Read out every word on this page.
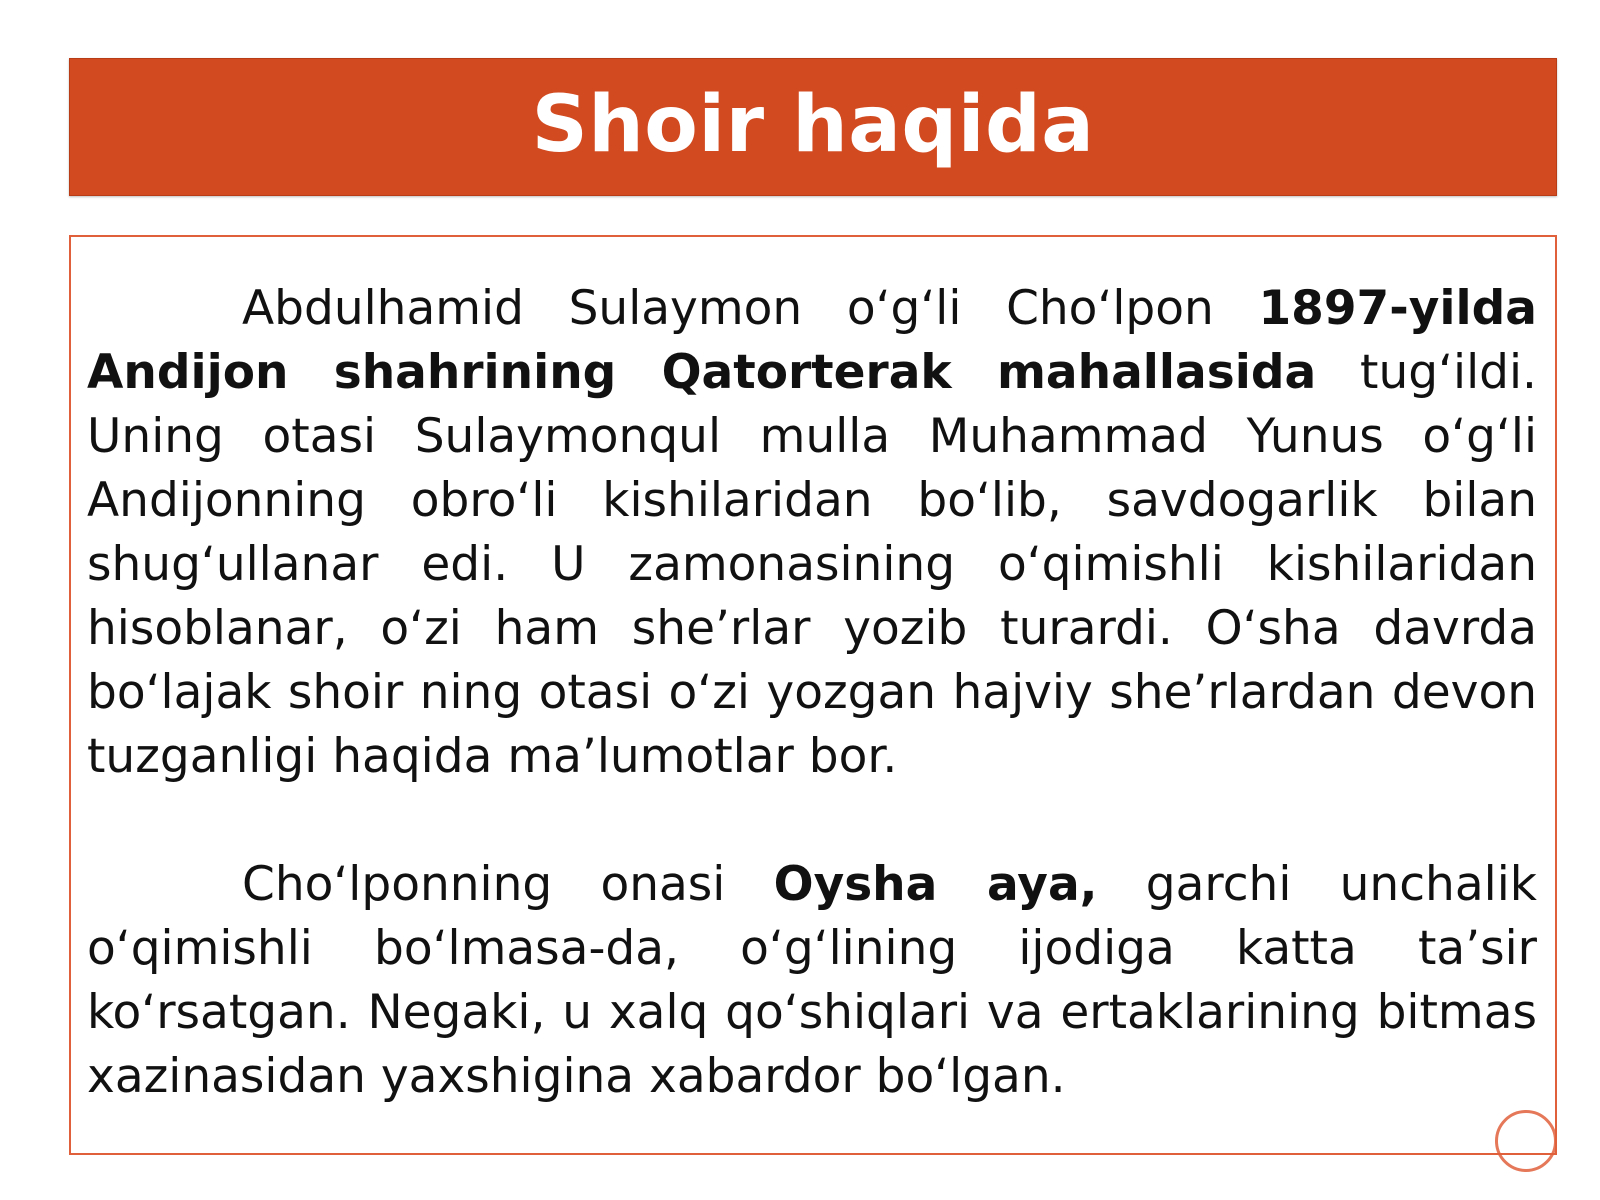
Shoir haqida

Abdulhamid Sulaymon o‘g‘li Cho‘lpon 1897-yilda Andijon shahrining Qatorterak mahallasida tug‘ildi. Uning otasi Sulaymonqul mulla Muhammad Yunus o‘g‘li Andijonning obro‘li kishilaridan bo‘lib, savdogarlik bilan shug‘ullanar edi. U zamonasining o‘qimishli kishilaridan hisoblanar, o‘zi ham she’rlar yozib turardi. O‘sha davrda bo‘lajak shoir ning otasi o‘zi yozgan hajviy she’rlardan devon tuzganligi haqida ma’lumotlar bor.

Cho‘lponning onasi Oysha aya, garchi unchalik o‘qimishli bo‘lmasa-da, o‘g‘lining ijodiga katta ta’sir ko‘rsatgan. Negaki, u xalq qo‘shiqlari va ertaklarining bitmas xazinasidan yaxshigina xabardor bo‘lgan.
